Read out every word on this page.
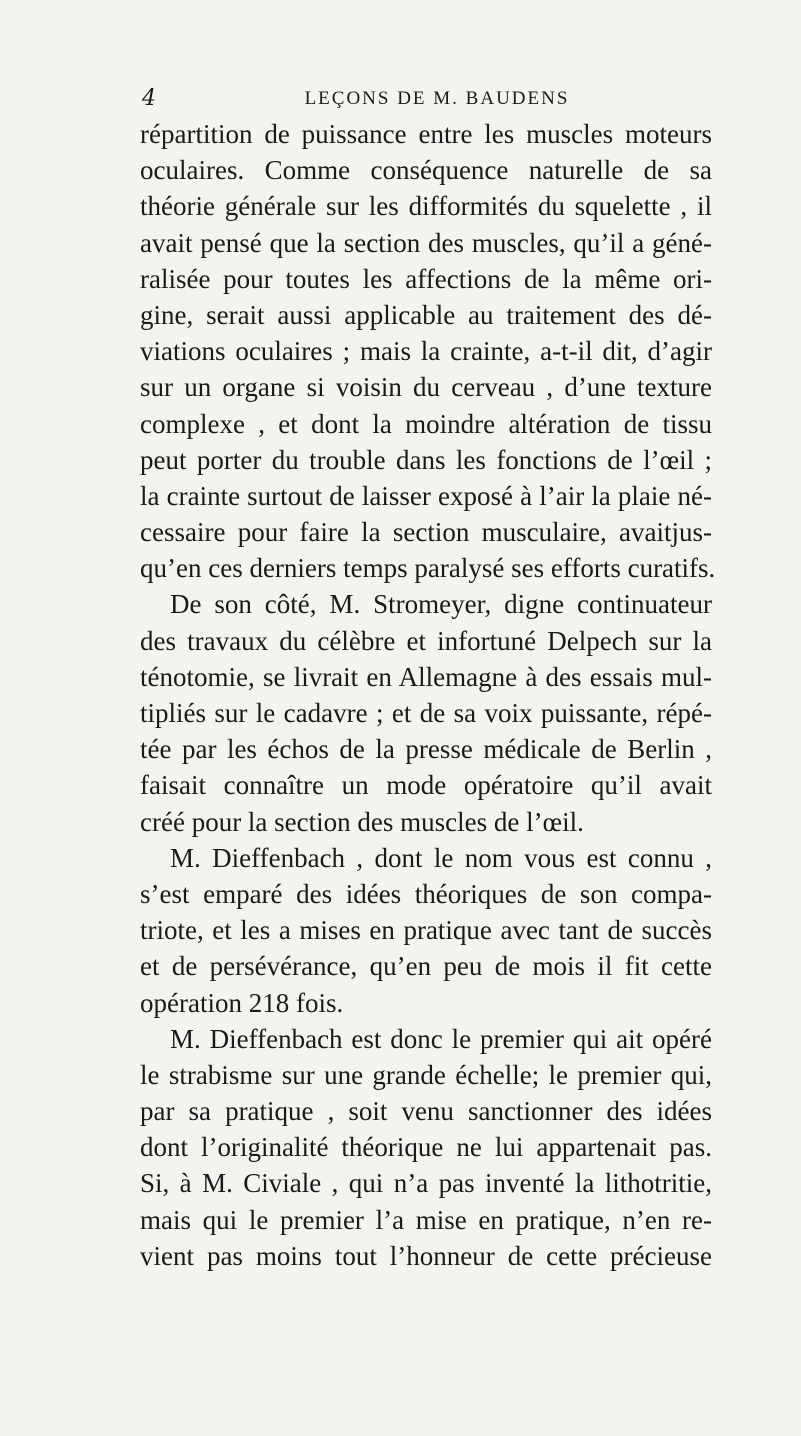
4	LEÇONS DE M. BAUDENS
répartition de puissance entre les muscles moteurs
oculaires. Comme conséquence naturelle de sa
théorie générale sur les difformités du squelette , il
avait pensé que la section des muscles, qu’il a géné-
ralisée pour toutes les affections de la même ori-
gine, serait aussi applicable au traitement des dé-
viations oculaires ; mais la crainte, a-t-il dit, d’agir
sur un organe si voisin du cerveau , d’une texture
complexe , et dont la moindre altération de tissu
peut porter du trouble dans les fonctions de l’œil ;
la crainte surtout de laisser exposé à l’air la plaie né-
cessaire pour faire la section musculaire, avaitjus-
qu’en ces derniers temps paralysé ses efforts curatifs.
De son côté, M. Stromeyer, digne continuateur
des travaux du célèbre et infortuné Delpech sur la
ténotomie, se livrait en Allemagne à des essais mul-
tipliés sur le cadavre ; et de sa voix puissante, répé-
tée par les échos de la presse médicale de Berlin ,
faisait connaître un mode opératoire qu’il avait
créé pour la section des muscles de l’œil.
M. Dieffenbach , dont le nom vous est connu ,
s’est emparé des idées théoriques de son compa-
triote, et les a mises en pratique avec tant de succès
et de persévérance, qu’en peu de mois il fit cette
opération 218 fois.
M. Dieffenbach est donc le premier qui ait opéré
le strabisme sur une grande échelle; le premier qui,
par sa pratique , soit venu sanctionner des idées
dont l’originalité théorique ne lui appartenait pas.
Si, à M. Civiale , qui n’a pas inventé la lithotritie,
mais qui le premier l’a mise en pratique, n’en re-
vient pas moins tout l’honneur de cette précieuse
